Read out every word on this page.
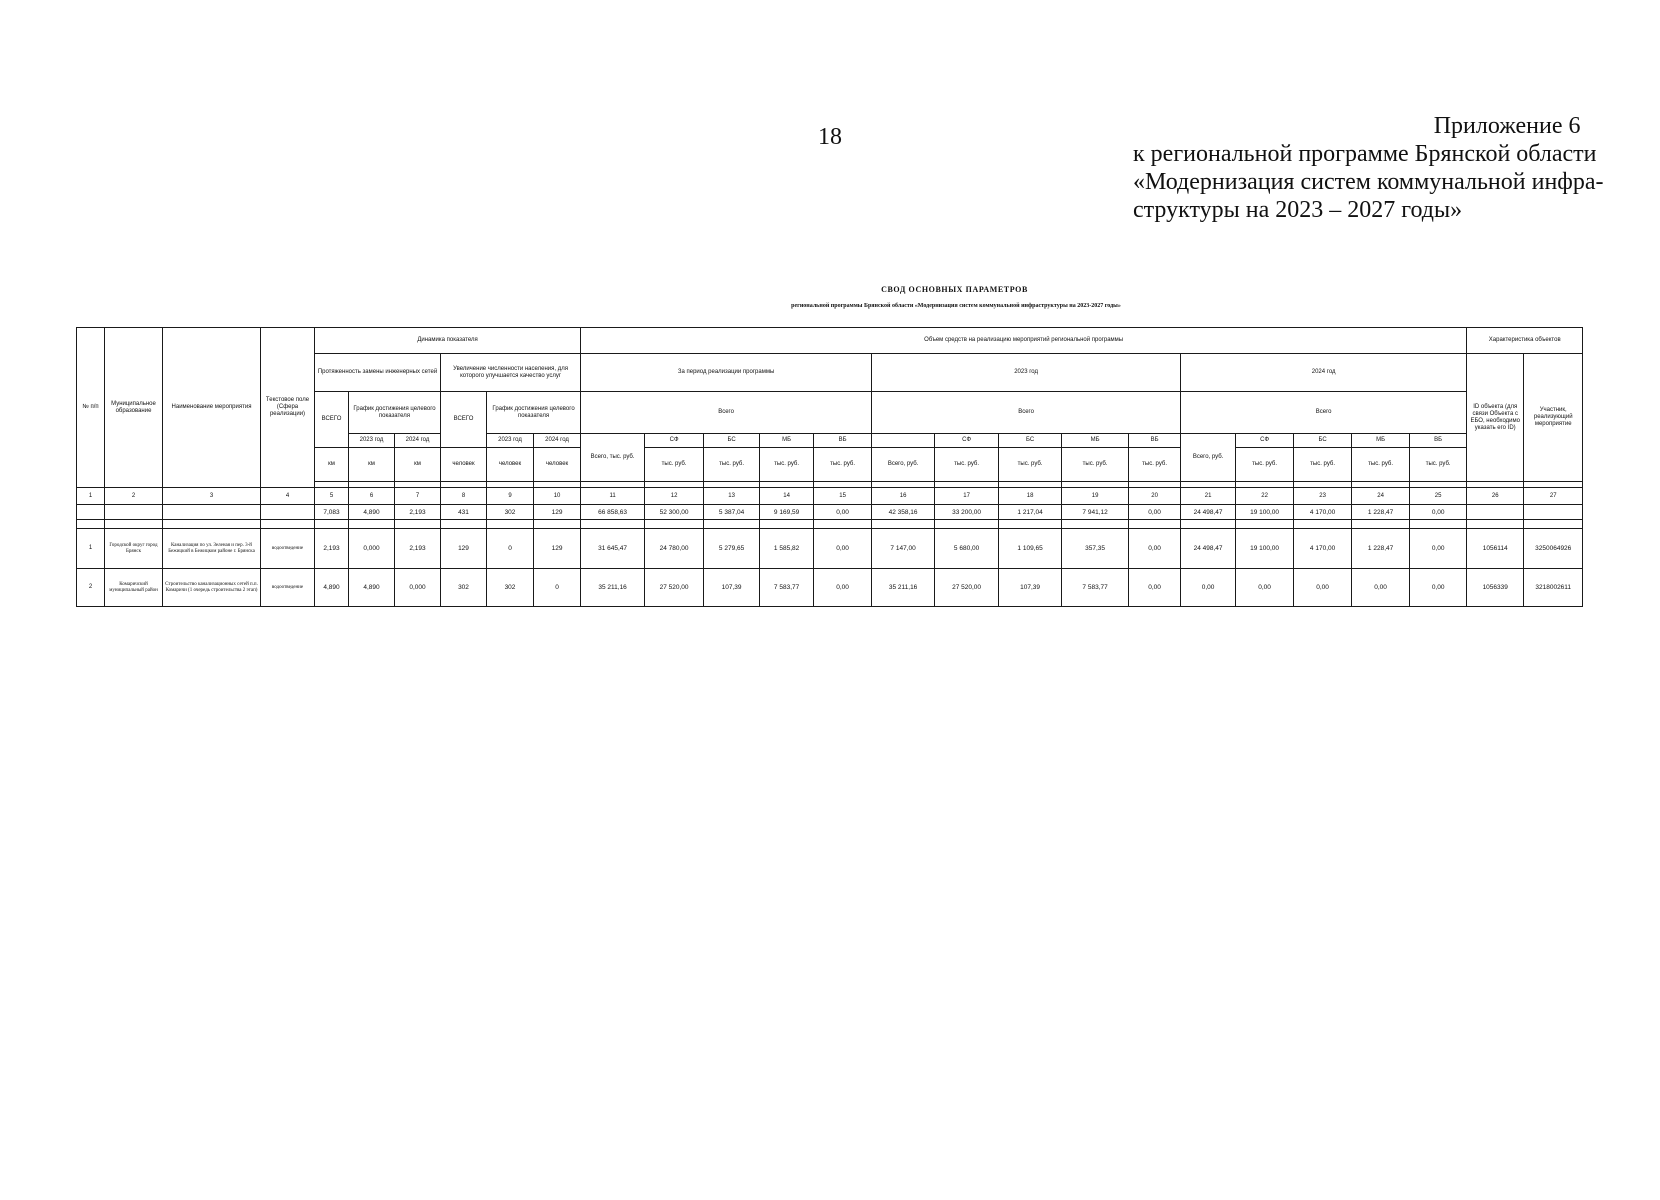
18	Приложение 6
к региональной программе Брянской области
«Модернизация систем коммунальной инфра-
структуры на 2023 – 2027 годы»
СВОД ОСНОВНЫХ ПАРАМЕТРОВ
региональной программы Брянской области «Модернизация систем коммунальной инфраструктуры на 2023-2027 годы»
№ п/п	Муниципальное образование	Наименование мероприятия	Текстовое поле (Сфера реализации)	Динамика показателя						Объем средств на реализацию мероприятий региональной программы															Характеристика объектов	
				Протяженность замены инженерных сетей			Увеличение численности населения, для которого улучшается качество услуг			За период реализации программы					2023 год					2024 год					ID объекта (для связи Объекта с ЕБО, необходимо указать его ID)	Участник, реализующий мероприятие
				ВСЕГО	График достижения целевого показателя		ВСЕГО	График достижения целевого показателя		Всего					Всего					Всего						
					2023 год	2024 год		2023 год	2024 год	Всего, тыс. руб.	СФ	БС	МБ	ВБ		СФ	БС	МБ	ВБ	Всего, руб.	СФ	БС	МБ	ВБ		
				км	км	км	человек	человек	человек		тыс. руб.	тыс. руб.	тыс. руб.	тыс. руб.	Всего, руб.	тыс. руб.	тыс. руб.	тыс. руб.	тыс. руб.		тыс. руб.	тыс. руб.	тыс. руб.	тыс. руб.		

1	2	3	4	5	6	7	8	9	10	11	12	13	14	15	16	17	18	19	20	21	22	23	24	25	26	27
				7,083	4,890	2,193	431	302	129	66 858,63	52 300,00	5 387,04	9 169,59	0,00	42 358,16	33 200,00	1 217,04	7 941,12	0,00	24 498,47	19 100,00	4 170,00	1 228,47	0,00		

1	Городской округ город Брянск	Канализация по ул. Зеленая и пер. 3-й Бежицкий в Бежицком районе г. Брянска	водоотведение	2,193	0,000	2,193	129	0	129	31 645,47	24 780,00	5 279,65	1 585,82	0,00	7 147,00	5 680,00	1 109,65	357,35	0,00	24 498,47	19 100,00	4 170,00	1 228,47	0,00	1056114	3250064926
2	Комаричский муниципальный район	Строительство канализационных сетей п.п. Комаричи (1 очередь строительства 2 этап)	водоотведение	4,890	4,890	0,000	302	302	0	35 211,16	27 520,00	107,39	7 583,77	0,00	35 211,16	27 520,00	107,39	7 583,77	0,00	0,00	0,00	0,00	0,00	0,00	1056339	3218002611
